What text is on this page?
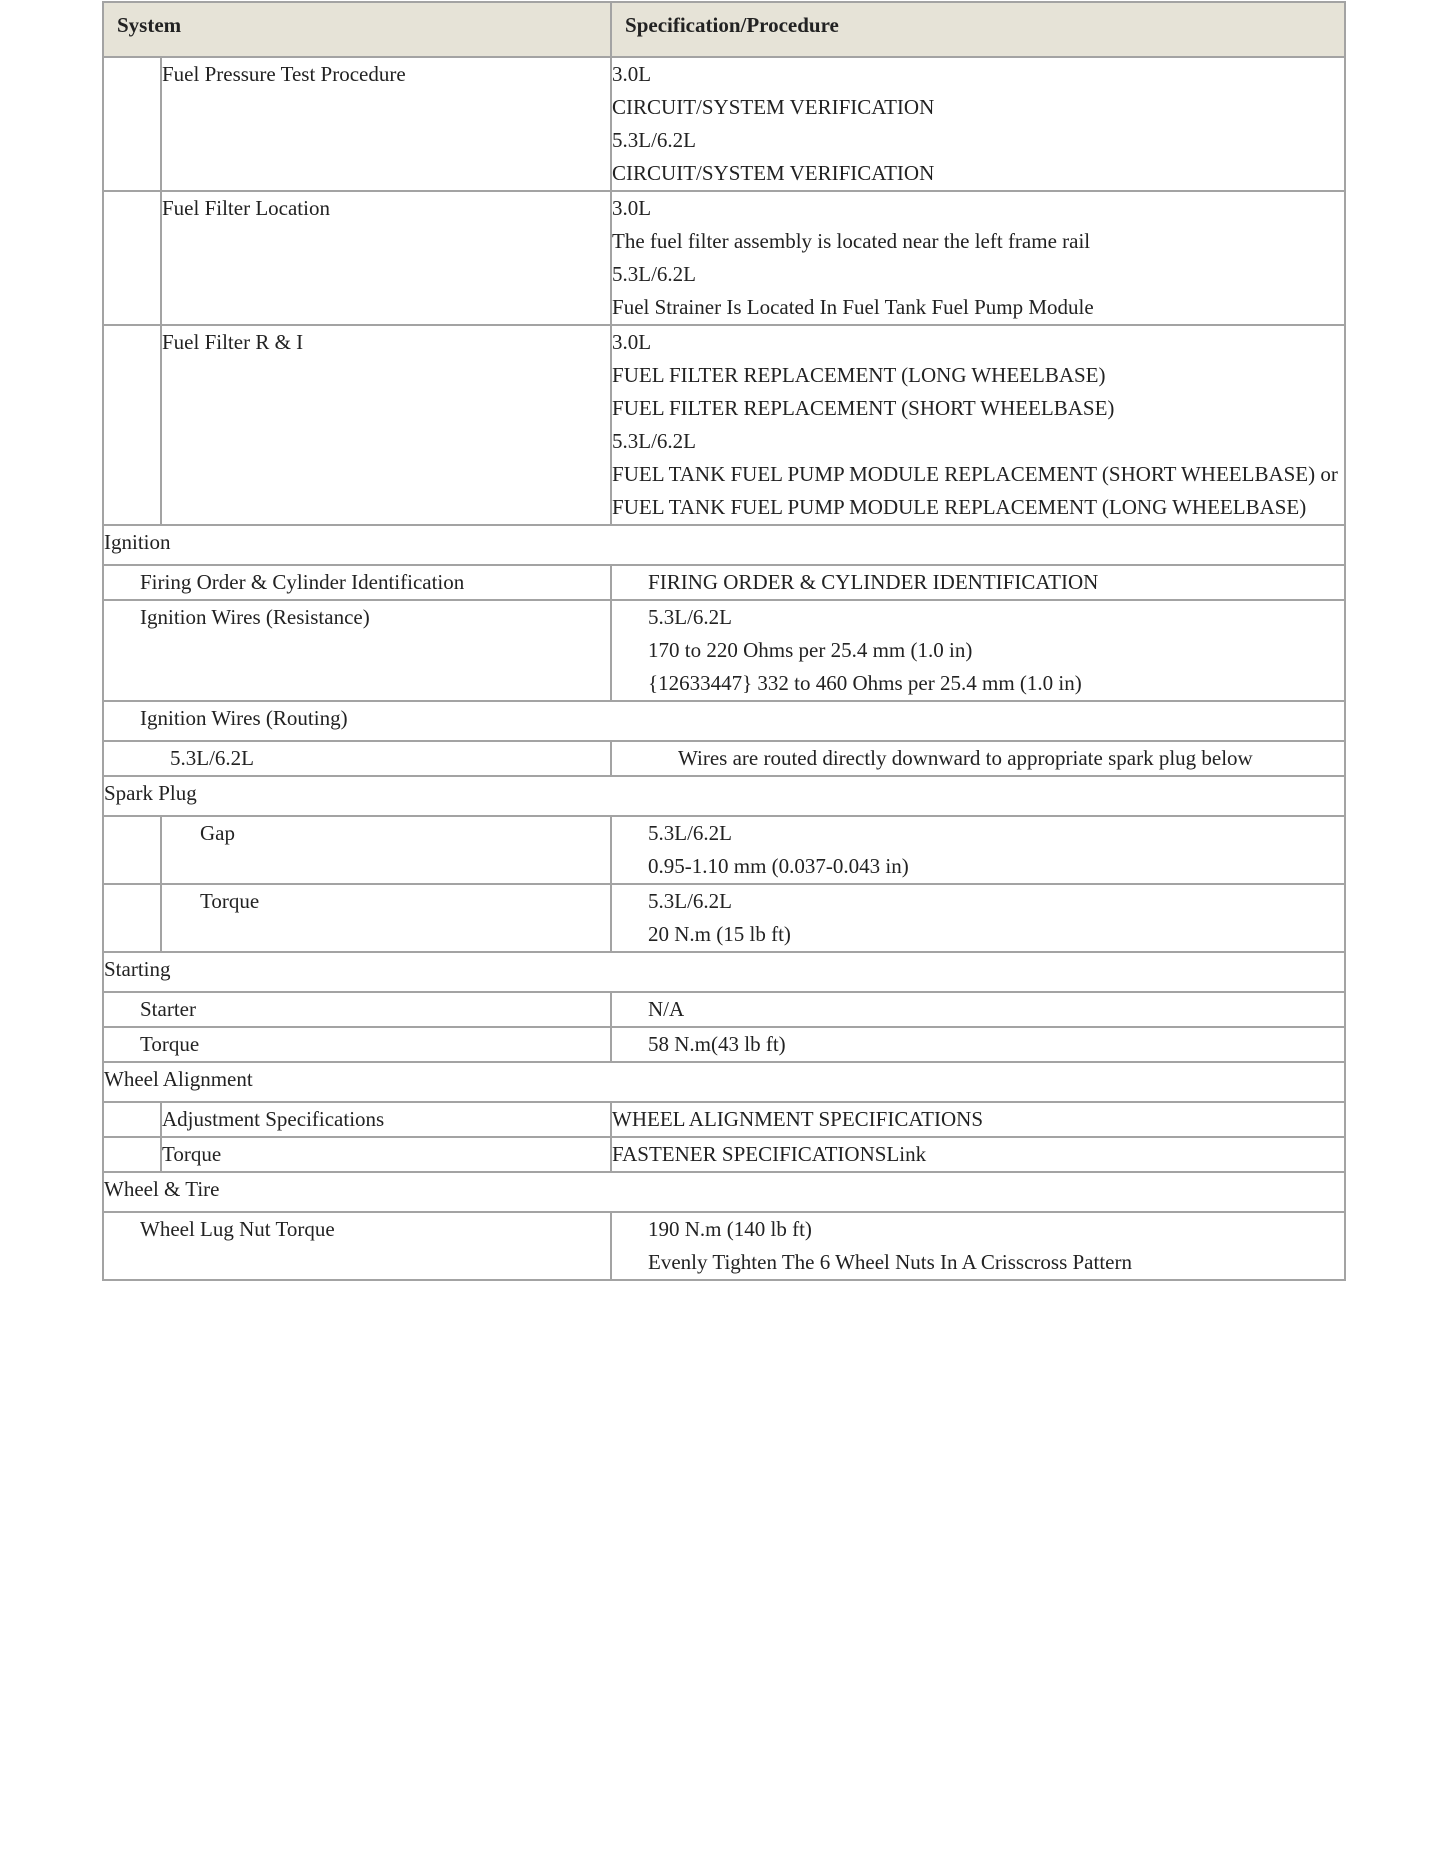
System		Specification/Procedure
	Fuel Pressure Test Procedure	3.0L
CIRCUIT/SYSTEM VERIFICATION
5.3L/6.2L
CIRCUIT/SYSTEM VERIFICATION

	Fuel Filter Location	3.0L
The fuel filter assembly is located near the left frame rail
5.3L/6.2L
Fuel Strainer Is Located In Fuel Tank Fuel Pump Module

	Fuel Filter R & I	3.0L
FUEL FILTER REPLACEMENT (LONG WHEELBASE)
FUEL FILTER REPLACEMENT (SHORT WHEELBASE)
5.3L/6.2L
FUEL TANK FUEL PUMP MODULE REPLACEMENT (SHORT WHEELBASE) or FUEL TANK FUEL PUMP MODULE REPLACEMENT (LONG WHEELBASE)

Ignition		
Firing Order & Cylinder Identification		FIRING ORDER & CYLINDER IDENTIFICATION
Ignition Wires (Resistance)		5.3L/6.2L
170 to 220 Ohms per 25.4 mm (1.0 in)
{12633447} 332 to 460 Ohms per 25.4 mm (1.0 in)

Ignition Wires (Routing)		
5.3L/6.2L		Wires are routed directly downward to appropriate spark plug below
Spark Plug		
	Gap	5.3L/6.2L
0.95-1.10 mm (0.037-0.043 in)

	Torque	5.3L/6.2L
20 N.m (15 lb ft)

Starting		
Starter		N/A
Torque		58 N.m(43 lb ft)
Wheel Alignment		
	Adjustment Specifications	WHEEL ALIGNMENT SPECIFICATIONS
	Torque	FASTENER SPECIFICATIONSLink
Wheel & Tire		
Wheel Lug Nut Torque		190 N.m (140 lb ft)
Evenly Tighten The 6 Wheel Nuts In A Crisscross Pattern
